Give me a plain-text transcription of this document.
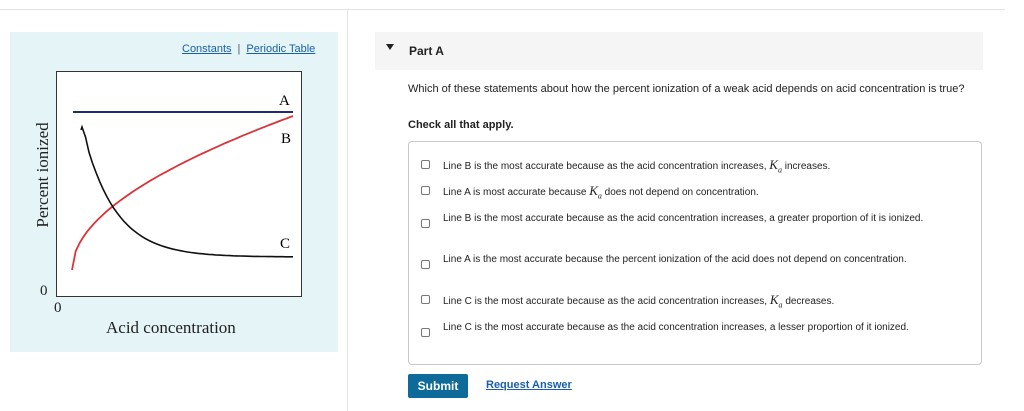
Constants | Periodic Table
Percent ionized
0
0
Acid concentration
A
B
C
Part A
Which of these statements about how the percent ionization of a weak acid depends on acid concentration is true?
Check all that apply.
Line B is the most accurate because as the acid concentration increases, $K_a$ increases.
Line A is most accurate because $K_a$ does not depend on concentration.
Line B is the most accurate because as the acid concentration increases, a greater proportion of it is ionized.
Line A is the most accurate because the percent ionization of the acid does not depend on concentration.
Line C is the most accurate because as the acid concentration increases, $K_a$ decreases.
Line C is the most accurate because as the acid concentration increases, a lesser proportion of it ionized.
Submit	Request Answer
